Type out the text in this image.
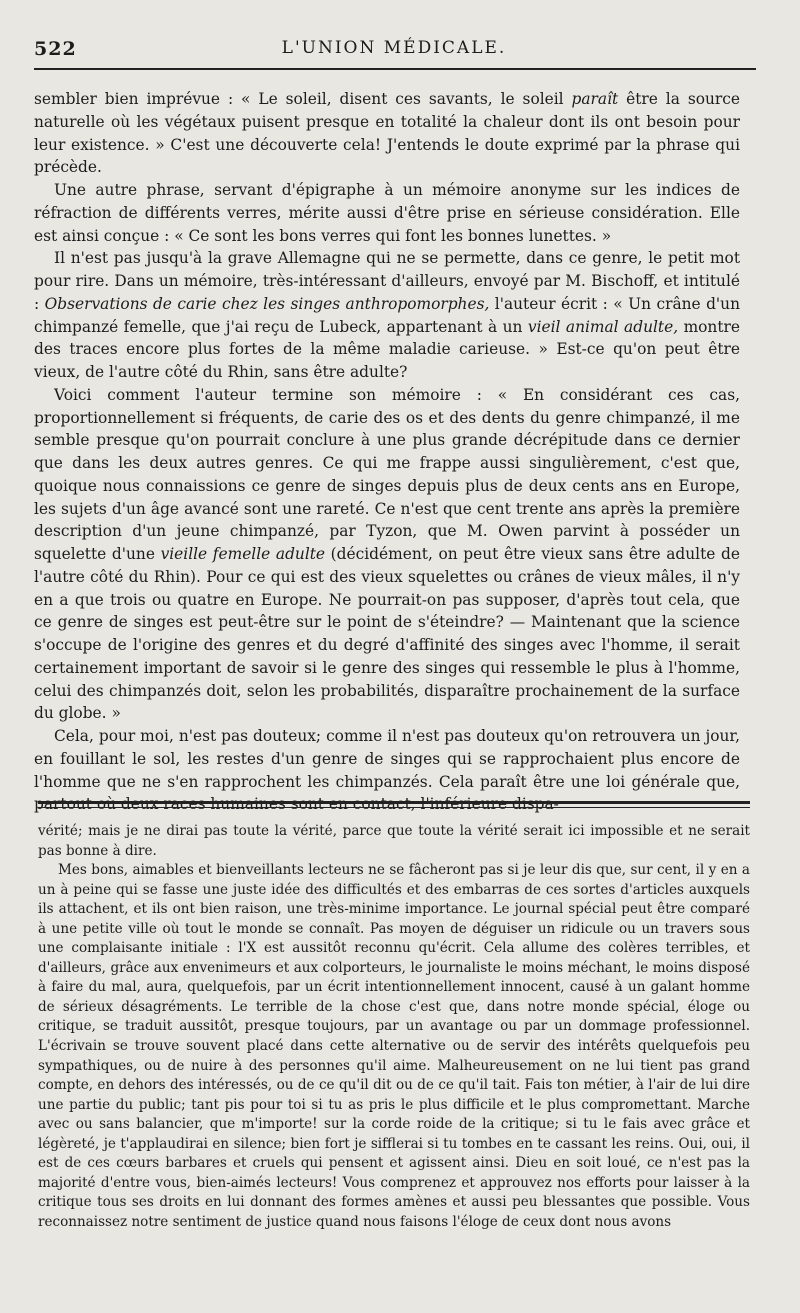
522	L'UNION MÉDICALE.

sembler bien imprévue : « Le soleil, disent ces savants, le soleil paraît être la source naturelle où les végétaux puisent presque en totalité la chaleur dont ils ont besoin pour leur existence. » C'est une découverte cela! J'entends le doute exprimé par la phrase qui précède.

Une autre phrase, servant d'épigraphe à un mémoire anonyme sur les indices de réfraction de différents verres, mérite aussi d'être prise en sérieuse considération. Elle est ainsi conçue : « Ce sont les bons verres qui font les bonnes lunettes. »

Il n'est pas jusqu'à la grave Allemagne qui ne se permette, dans ce genre, le petit mot pour rire. Dans un mémoire, très-intéressant d'ailleurs, envoyé par M. Bischoff, et intitulé : Observations de carie chez les singes anthropomorphes, l'auteur écrit : « Un crâne d'un chimpanzé femelle, que j'ai reçu de Lubeck, appartenant à un vieil animal adulte, montre des traces encore plus fortes de la même maladie carieuse. » Est-ce qu'on peut être vieux, de l'autre côté du Rhin, sans être adulte?

Voici comment l'auteur termine son mémoire : « En considérant ces cas, proportionnellement si fréquents, de carie des os et des dents du genre chimpanzé, il me semble presque qu'on pourrait conclure à une plus grande décrépitude dans ce dernier que dans les deux autres genres. Ce qui me frappe aussi singulièrement, c'est que, quoique nous connaissions ce genre de singes depuis plus de deux cents ans en Europe, les sujets d'un âge avancé sont une rareté. Ce n'est que cent trente ans après la première description d'un jeune chimpanzé, par Tyzon, que M. Owen parvint à posséder un squelette d'une vieille femelle adulte (décidément, on peut être vieux sans être adulte de l'autre côté du Rhin). Pour ce qui est des vieux squelettes ou crânes de vieux mâles, il n'y en a que trois ou quatre en Europe. Ne pourrait-on pas supposer, d'après tout cela, que ce genre de singes est peut-être sur le point de s'éteindre? — Maintenant que la science s'occupe de l'origine des genres et du degré d'affinité des singes avec l'homme, il serait certainement important de savoir si le genre des singes qui ressemble le plus à l'homme, celui des chimpanzés doit, selon les probabilités, disparaître prochainement de la surface du globe. »

Cela, pour moi, n'est pas douteux; comme il n'est pas douteux qu'on retrouvera un jour, en fouillant le sol, les restes d'un genre de singes qui se rapprochaient plus encore de l'homme que ne s'en rapprochent les chimpanzés. Cela paraît être une loi générale que, partout où deux races humaines sont en contact, l'inférieure dispa-

vérité; mais je ne dirai pas toute la vérité, parce que toute la vérité serait ici impossible et ne serait pas bonne à dire.

Mes bons, aimables et bienveillants lecteurs ne se fâcheront pas si je leur dis que, sur cent, il y en a un à peine qui se fasse une juste idée des difficultés et des embarras de ces sortes d'articles auxquels ils attachent, et ils ont bien raison, une très-minime importance. Le journal spécial peut être comparé à une petite ville où tout le monde se connaît. Pas moyen de déguiser un ridicule ou un travers sous une complaisante initiale : l'X est aussitôt reconnu qu'écrit. Cela allume des colères terribles, et d'ailleurs, grâce aux envenimeurs et aux colporteurs, le journaliste le moins méchant, le moins disposé à faire du mal, aura, quelquefois, par un écrit intentionnellement innocent, causé à un galant homme de sérieux désagréments. Le terrible de la chose c'est que, dans notre monde spécial, éloge ou critique, se traduit aussitôt, presque toujours, par un avantage ou par un dommage professionnel. L'écrivain se trouve souvent placé dans cette alternative ou de servir des intérêts quelquefois peu sympathiques, ou de nuire à des personnes qu'il aime. Malheureusement on ne lui tient pas grand compte, en dehors des intéressés, ou de ce qu'il dit ou de ce qu'il tait. Fais ton métier, à l'air de lui dire une partie du public; tant pis pour toi si tu as pris le plus difficile et le plus compromettant. Marche avec ou sans balancier, que m'importe! sur la corde roide de la critique; si tu le fais avec grâce et légèreté, je t'applaudirai en silence; bien fort je sifflerai si tu tombes en te cassant les reins. Oui, oui, il est de ces cœurs barbares et cruels qui pensent et agissent ainsi. Dieu en soit loué, ce n'est pas la majorité d'entre vous, bien-aimés lecteurs! Vous comprenez et approuvez nos efforts pour laisser à la critique tous ses droits en lui donnant des formes amènes et aussi peu blessantes que possible. Vous reconnaissez notre sentiment de justice quand nous faisons l'éloge de ceux dont nous avons
